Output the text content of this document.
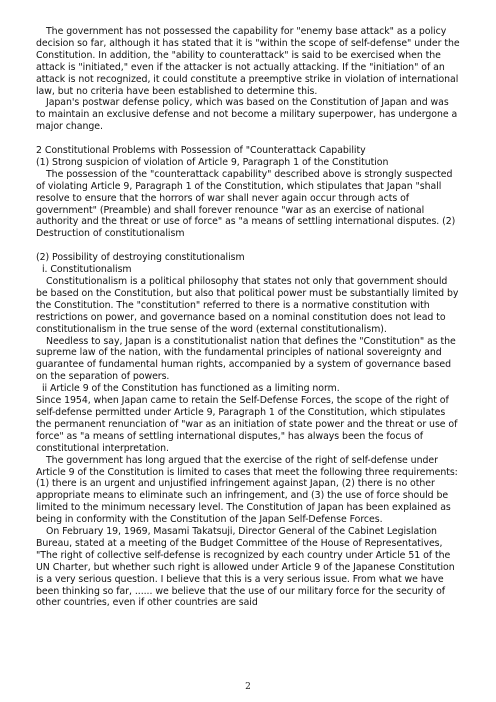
The government has not possessed the capability for "enemy base attack" as a policy decision so far, although it has stated that it is "within the scope of self-defense" under the Constitution. In addition, the "ability to counterattack" is said to be exercised when the attack is "initiated," even if the attacker is not actually attacking. If the "initiation" of an attack is not recognized, it could constitute a preemptive strike in violation of international law, but no criteria have been established to determine this.

Japan's postwar defense policy, which was based on the Constitution of Japan and was to maintain an exclusive defense and not become a military superpower, has undergone a major change.

2 Constitutional Problems with Possession of "Counterattack Capability

(1) Strong suspicion of violation of Article 9, Paragraph 1 of the Constitution

The possession of the "counterattack capability" described above is strongly suspected of violating Article 9, Paragraph 1 of the Constitution, which stipulates that Japan "shall resolve to ensure that the horrors of war shall never again occur through acts of government" (Preamble) and shall forever renounce "war as an exercise of national authority and the threat or use of force" as "a means of settling international disputes. (2) Destruction of constitutionalism

(2) Possibility of destroying constitutionalism

i. Constitutionalism

Constitutionalism is a political philosophy that states not only that government should be based on the Constitution, but also that political power must be substantially limited by the Constitution. The "constitution" referred to there is a normative constitution with restrictions on power, and governance based on a nominal constitution does not lead to constitutionalism in the true sense of the word (external constitutionalism).

Needless to say, Japan is a constitutionalist nation that defines the "Constitution" as the supreme law of the nation, with the fundamental principles of national sovereignty and guarantee of fundamental human rights, accompanied by a system of governance based on the separation of powers.

ii Article 9 of the Constitution has functioned as a limiting norm.

Since 1954, when Japan came to retain the Self-Defense Forces, the scope of the right of self-defense permitted under Article 9, Paragraph 1 of the Constitution, which stipulates the permanent renunciation of "war as an initiation of state power and the threat or use of force" as "a means of settling international disputes," has always been the focus of constitutional interpretation.

The government has long argued that the exercise of the right of self-defense under Article 9 of the Constitution is limited to cases that meet the following three requirements: (1) there is an urgent and unjustified infringement against Japan, (2) there is no other appropriate means to eliminate such an infringement, and (3) the use of force should be limited to the minimum necessary level. The Constitution of Japan has been explained as being in conformity with the Constitution of the Japan Self-Defense Forces.

On February 19, 1969, Masami Takatsuji, Director General of the Cabinet Legislation Bureau, stated at a meeting of the Budget Committee of the House of Representatives, "The right of collective self-defense is recognized by each country under Article 51 of the UN Charter, but whether such right is allowed under Article 9 of the Japanese Constitution is a very serious question. I believe that this is a very serious issue. From what we have been thinking so far, ...... we believe that the use of our military force for the security of other countries, even if other countries are said

2
